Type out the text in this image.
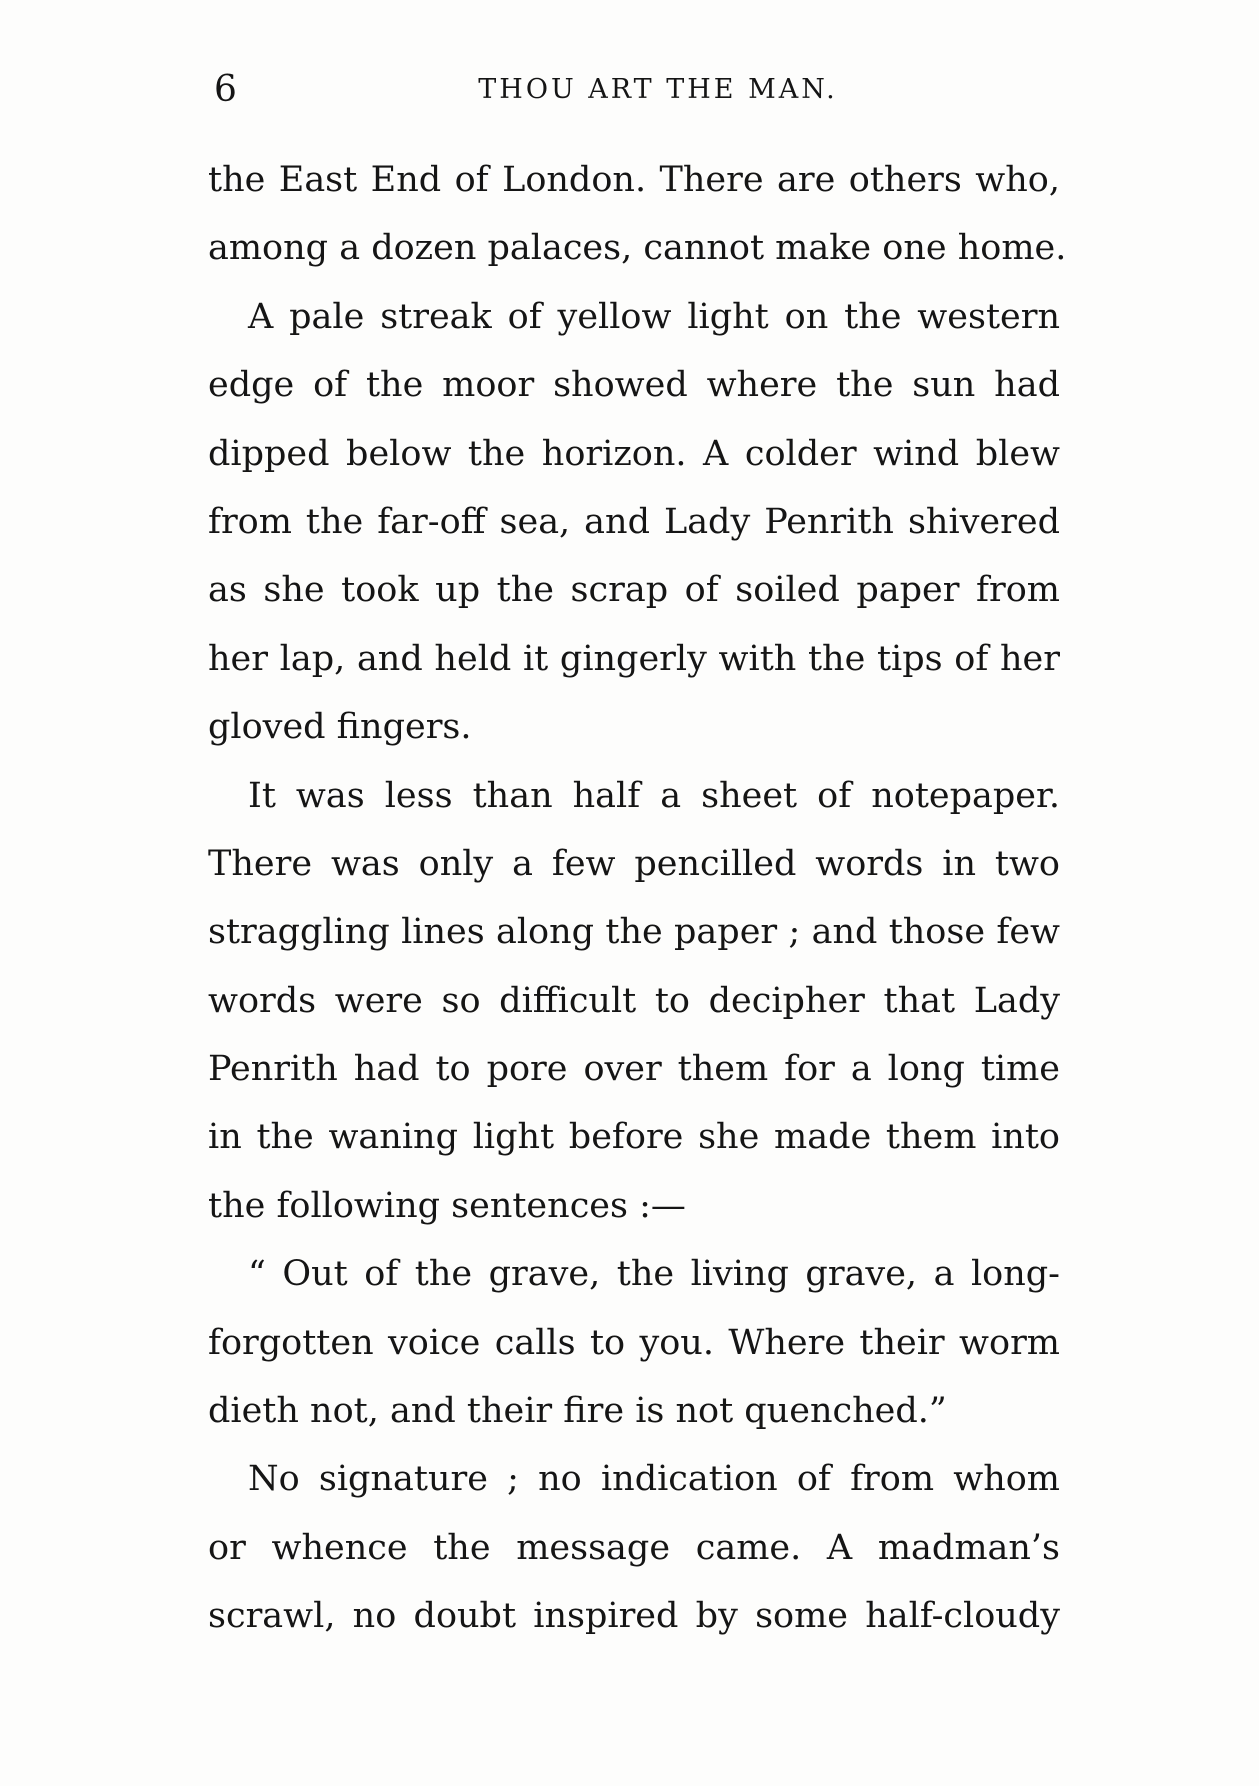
6	THOU ART THE MAN.
the East End of London. There are others who,
among a dozen palaces, cannot make one home.
A pale streak of yellow light on the western
edge of the moor showed where the sun had
dipped below the horizon. A colder wind blew
from the far-off sea, and Lady Penrith shivered
as she took up the scrap of soiled paper from
her lap, and held it gingerly with the tips of her
gloved fingers.
It was less than half a sheet of notepaper.
There was only a few pencilled words in two
straggling lines along the paper ; and those few
words were so difficult to decipher that Lady
Penrith had to pore over them for a long time
in the waning light before she made them into
the following sentences :—
“ Out of the grave, the living grave, a long-
forgotten voice calls to you. Where their worm
dieth not, and their fire is not quenched.”
No signature ; no indication of from whom
or whence the message came. A madman’s
scrawl, no doubt inspired by some half-cloudy
